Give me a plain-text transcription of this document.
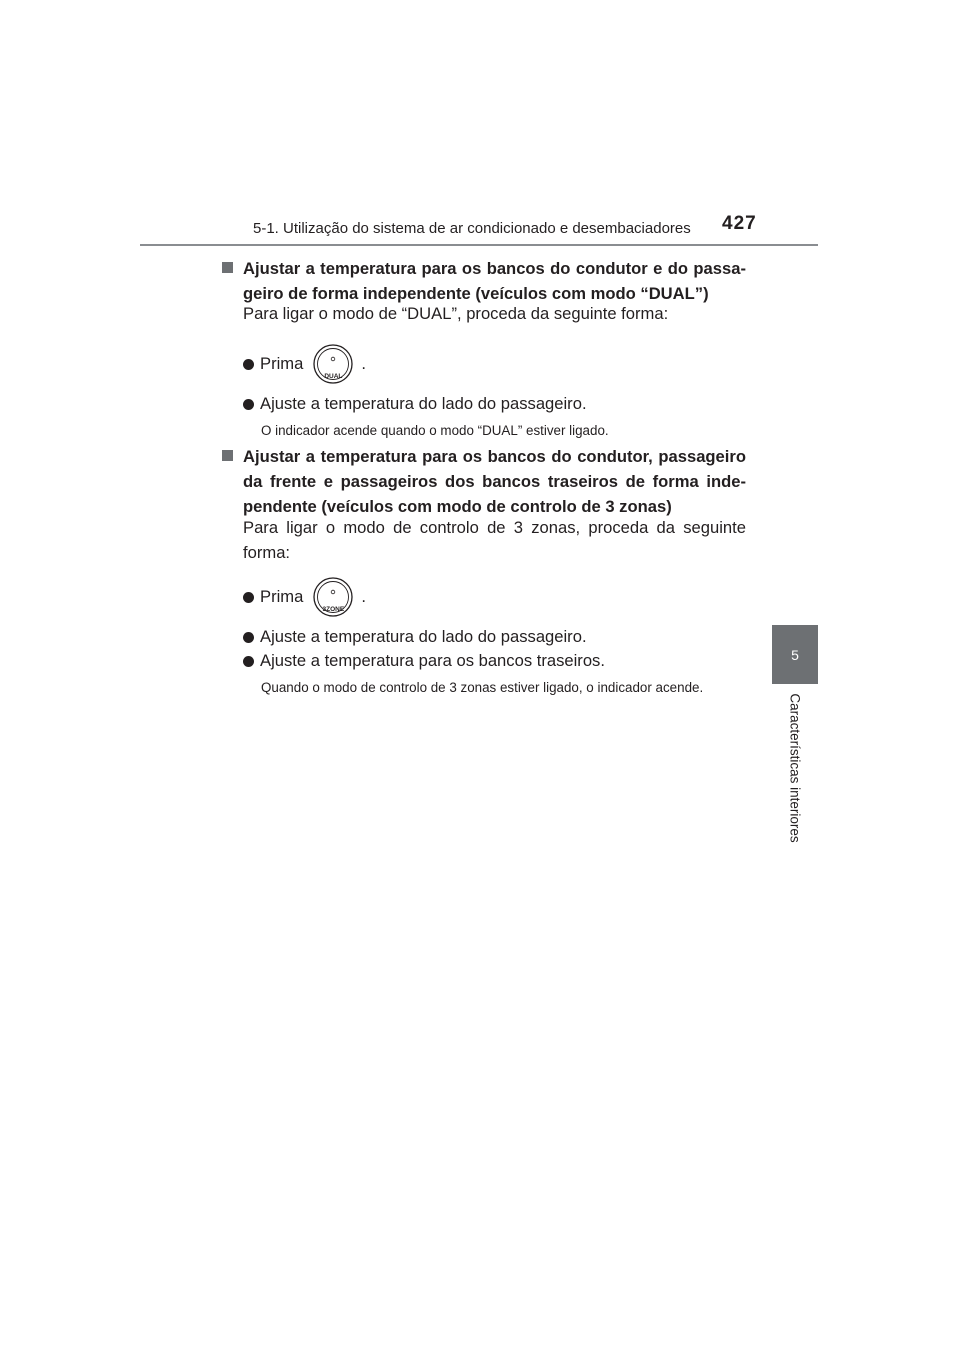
5-1. Utilização do sistema de ar condicionado e desembaciadores 427
5
Características interiores
Ajustar a temperatura para os bancos do condutor e do passa-geiro de forma independente (veículos com modo “DUAL”)
Para ligar o modo de “DUAL”, proceda da seguinte forma:
Prima
DUAL
.
Ajuste a temperatura do lado do passageiro.
O indicador acende quando o modo “DUAL” estiver ligado.
Ajustar a temperatura para os bancos do condutor, passageiro da frente e passageiros dos bancos traseiros de forma inde-pendente (veículos com modo de controlo de 3 zonas)
Para ligar o modo de controlo de 3 zonas, proceda da seguinte forma:
Prima
3ZONE
.
Ajuste a temperatura do lado do passageiro.
Ajuste a temperatura para os bancos traseiros.
Quando o modo de controlo de 3 zonas estiver ligado, o indicador acende.
